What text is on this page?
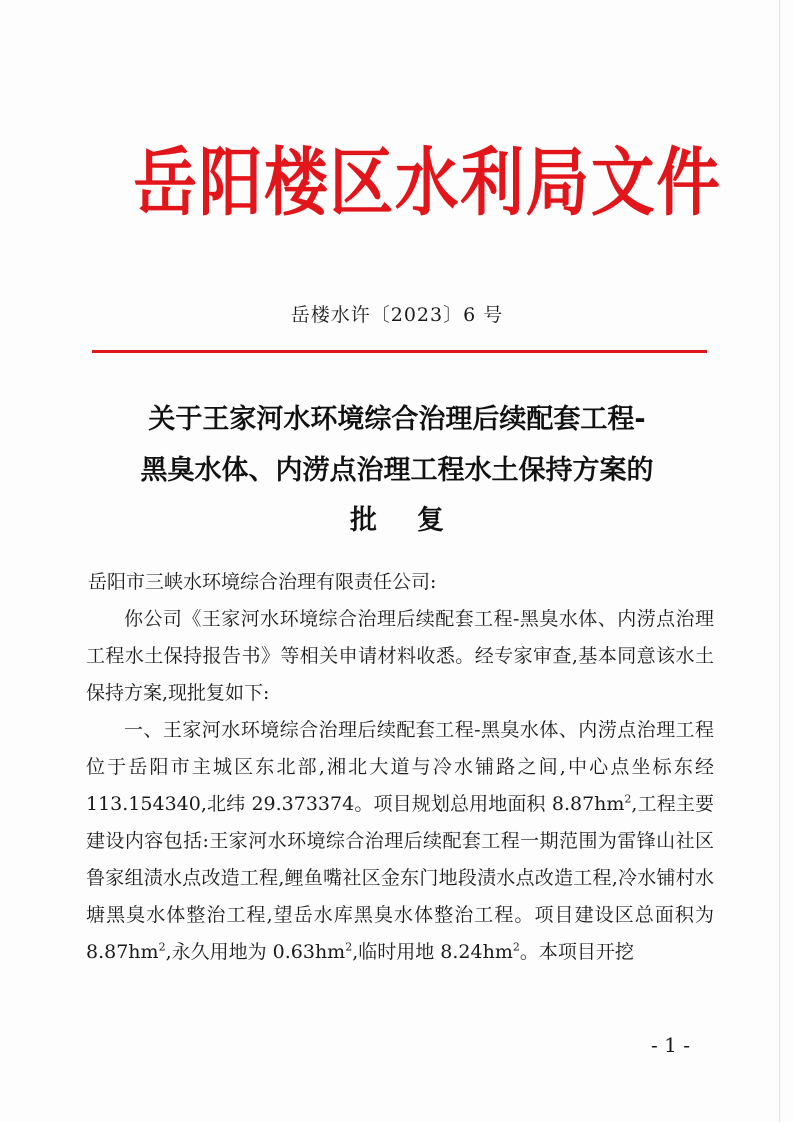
岳阳楼区水利局文件
岳楼水许〔2023〕6 号
关于王家河水环境综合治理后续配套工程-
黑臭水体、内涝点治理工程水土保持方案的
批复
岳阳市三峡水环境综合治理有限责任公司:
你公司《王家河水环境综合治理后续配套工程-黑臭水体、内涝点治理工程水土保持报告书》等相关申请材料收悉。经专家审查,基本同意该水土保持方案,现批复如下:
一、王家河水环境综合治理后续配套工程-黑臭水体、内涝点治理工程位于岳阳市主城区东北部,湘北大道与冷水铺路之间,中心点坐标东经 113.154340,北纬 29.373374。项目规划总用地面积 $8.87hm^2$,工程主要建设内容包括:王家河水环境综合治理后续配套工程一期范围为雷锋山社区鲁家组渍水点改造工程,鲤鱼嘴社区金东门地段渍水点改造工程,冷水铺村水塘黑臭水体整治工程,望岳水库黑臭水体整治工程。项目建设区总面积为 $8.87hm^2$,永久用地为 $0.63hm^2$,临时用地 $8.24hm^2$。本项目开挖
- 1 -
